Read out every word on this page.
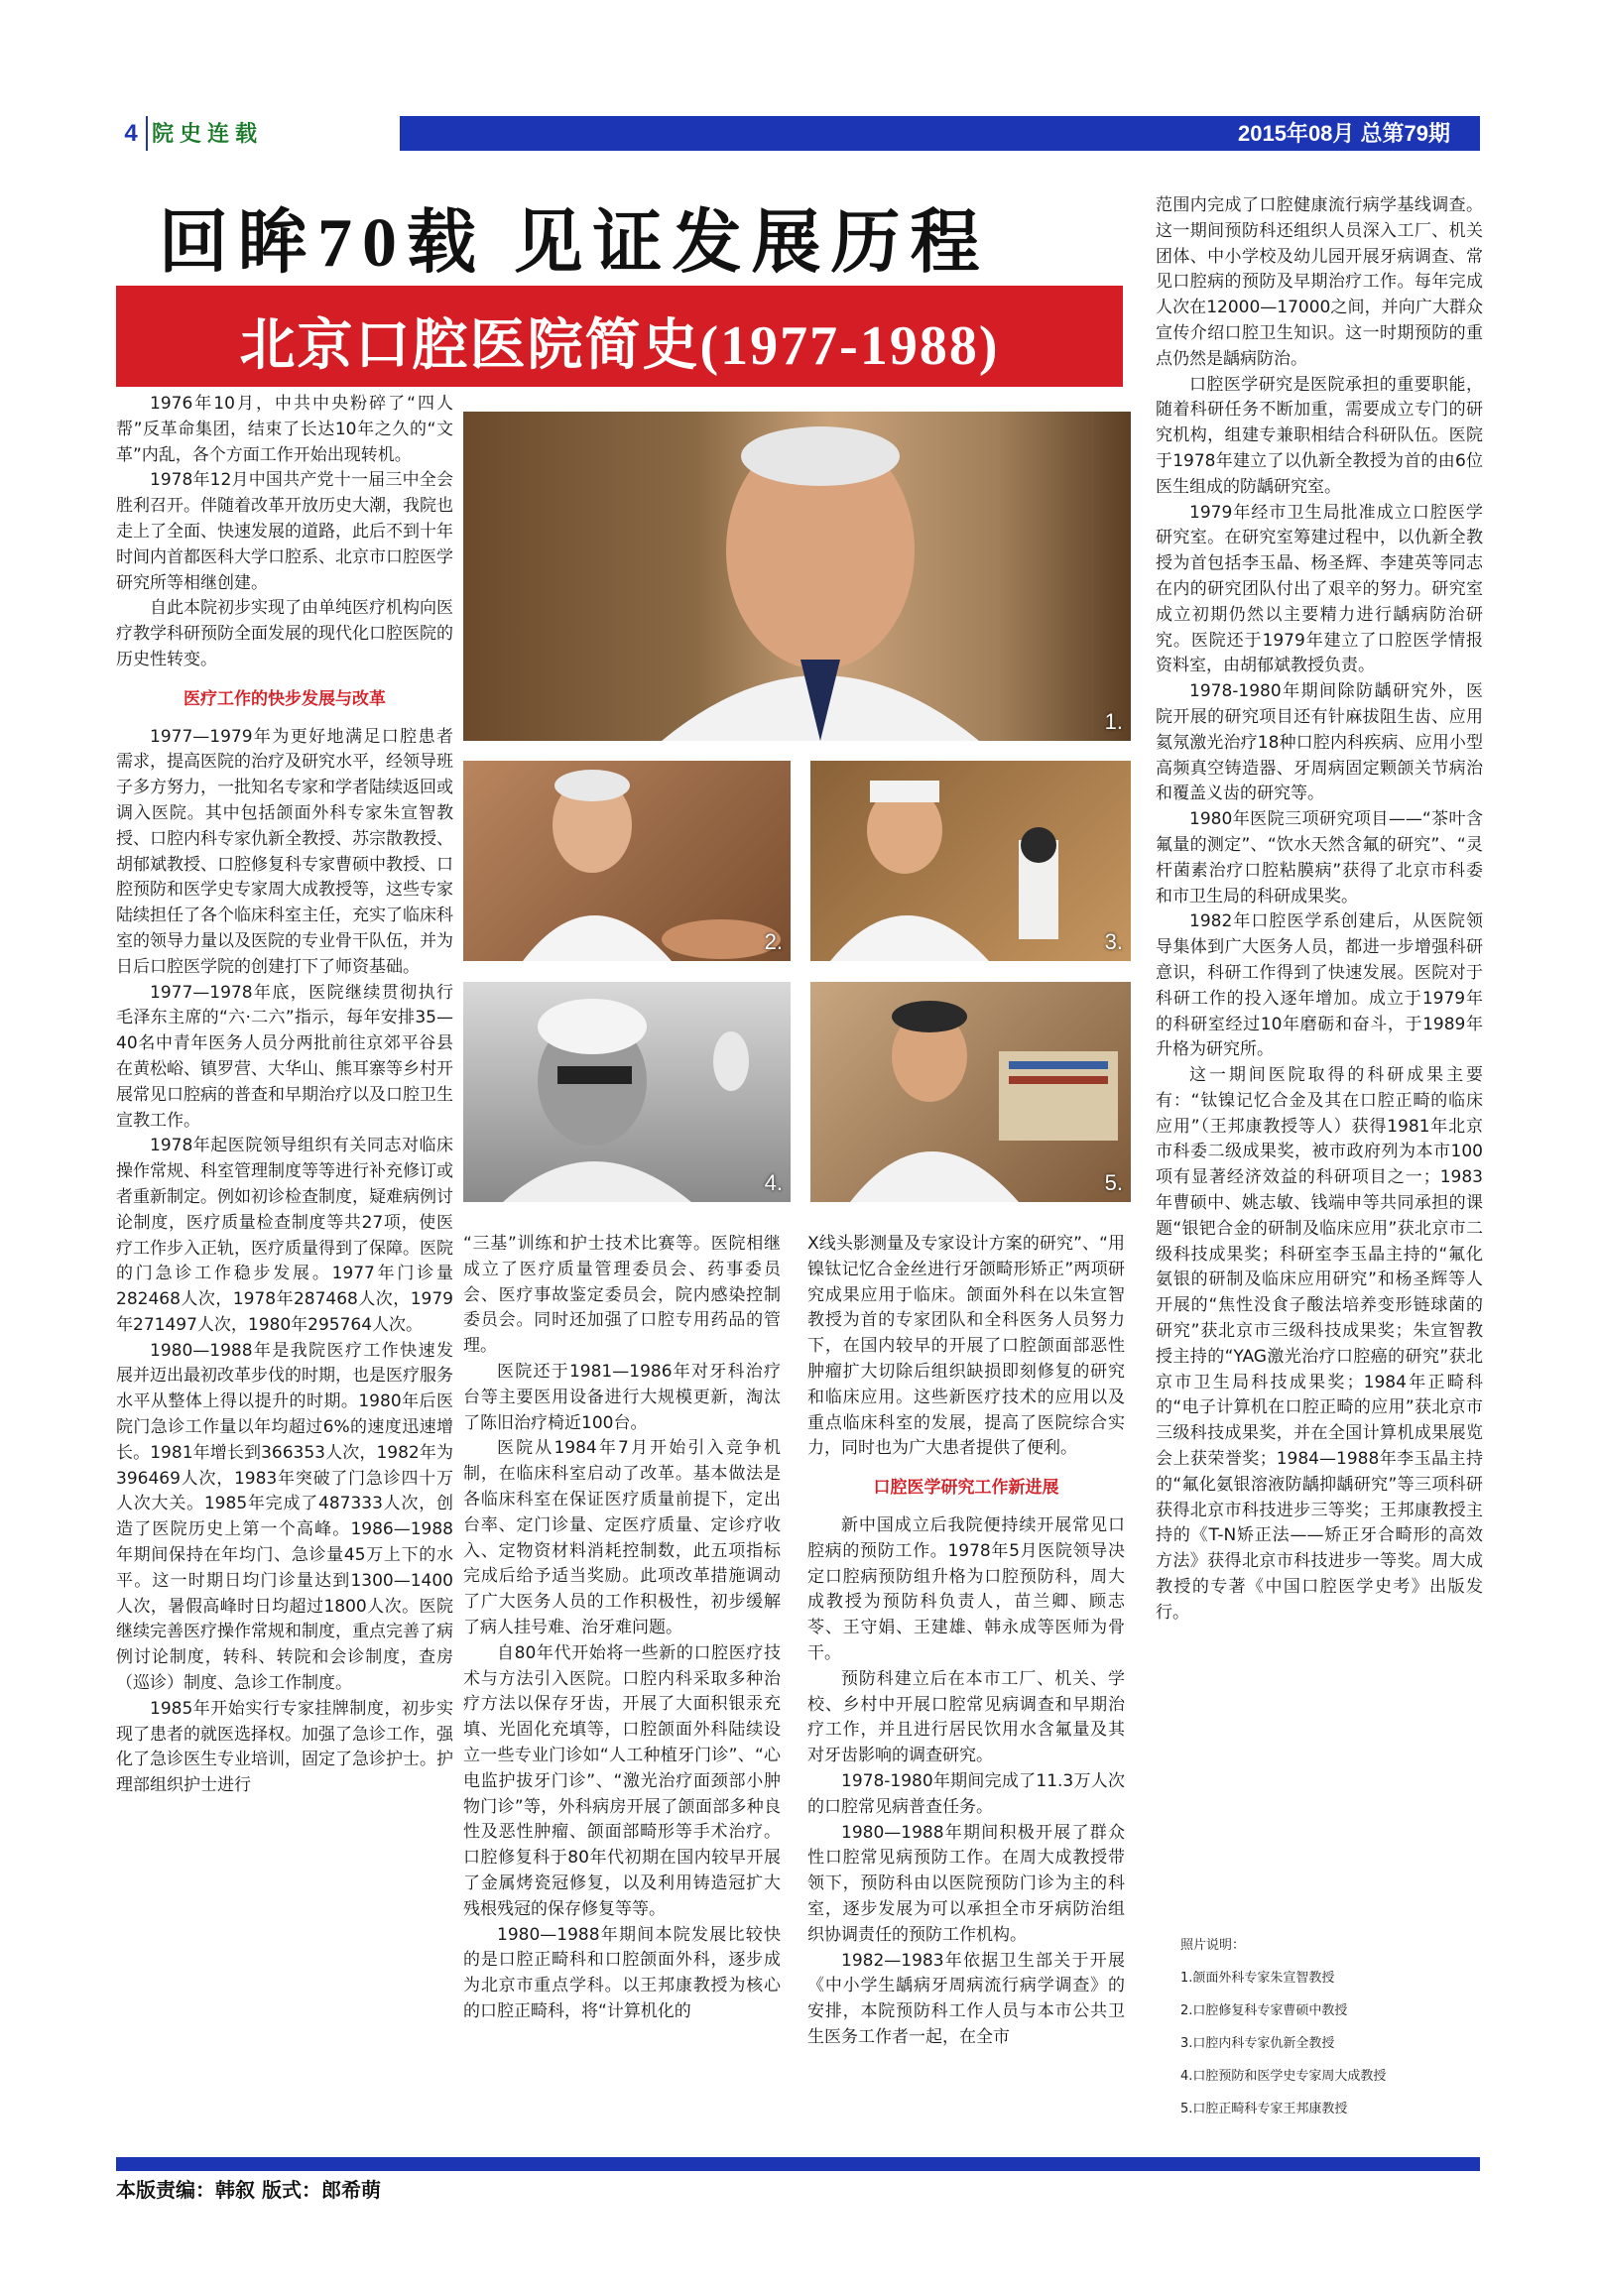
4 院史连载	2015年08月 总第79期
回眸70载 见证发展历程
北京口腔医院简史(1977-1988)

1976年10月，中共中央粉碎了“四人帮”反革命集团，结束了长达10年之久的“文革”内乱，各个方面工作开始出现转机。

1978年12月中国共产党十一届三中全会胜利召开。伴随着改革开放历史大潮，我院也走上了全面、快速发展的道路，此后不到十年时间内首都医科大学口腔系、北京市口腔医学研究所等相继创建。

自此本院初步实现了由单纯医疗机构向医疗教学科研预防全面发展的现代化口腔医院的历史性转变。

医疗工作的快步发展与改革

1977—1979年为更好地满足口腔患者需求，提高医院的治疗及研究水平，经领导班子多方努力，一批知名专家和学者陆续返回或调入医院。其中包括颌面外科专家朱宣智教授、口腔内科专家仇新全教授、苏宗散教授、胡郁斌教授、口腔修复科专家曹硕中教授、口腔预防和医学史专家周大成教授等，这些专家陆续担任了各个临床科室主任，充实了临床科室的领导力量以及医院的专业骨干队伍，并为日后口腔医学院的创建打下了师资基础。

1977—1978年底，医院继续贯彻执行毛泽东主席的“六·二六”指示，每年安排35—40名中青年医务人员分两批前往京郊平谷县在黄松峪、镇罗营、大华山、熊耳寨等乡村开展常见口腔病的普查和早期治疗以及口腔卫生宣教工作。

1978年起医院领导组织有关同志对临床操作常规、科室管理制度等等进行补充修订或者重新制定。例如初诊检查制度，疑难病例讨论制度，医疗质量检查制度等共27项，使医疗工作步入正轨，医疗质量得到了保障。医院的门急诊工作稳步发展。1977年门诊量282468人次，1978年287468人次，1979年271497人次，1980年295764人次。

1980—1988年是我院医疗工作快速发展并迈出最初改革步伐的时期，也是医疗服务水平从整体上得以提升的时期。1980年后医院门急诊工作量以年均超过6%的速度迅速增长。1981年增长到366353人次，1982年为396469人次，1983年突破了门急诊四十万人次大关。1985年完成了487333人次，创造了医院历史上第一个高峰。1986—1988年期间保持在年均门、急诊量45万上下的水平。这一时期日均门诊量达到1300—1400人次，暑假高峰时日均超过1800人次。医院继续完善医疗操作常规和制度，重点完善了病例讨论制度，转科、转院和会诊制度，查房（巡诊）制度、急诊工作制度。

1985年开始实行专家挂牌制度，初步实现了患者的就医选择权。加强了急诊工作，强化了急诊医生专业培训，固定了急诊护士。护理部组织护士进行

1.
2.	3.
4.	5.

“三基”训练和护士技术比赛等。医院相继成立了医疗质量管理委员会、药事委员会、医疗事故鉴定委员会，院内感染控制委员会。同时还加强了口腔专用药品的管理。

医院还于1981—1986年对牙科治疗台等主要医用设备进行大规模更新，淘汰了陈旧治疗椅近100台。

医院从1984年7月开始引入竞争机制，在临床科室启动了改革。基本做法是各临床科室在保证医疗质量前提下，定出台率、定门诊量、定医疗质量、定诊疗收入、定物资材料消耗控制数，此五项指标完成后给予适当奖励。此项改革措施调动了广大医务人员的工作积极性，初步缓解了病人挂号难、治牙难问题。

自80年代开始将一些新的口腔医疗技术与方法引入医院。口腔内科采取多种治疗方法以保存牙齿，开展了大面积银汞充填、光固化充填等，口腔颌面外科陆续设立一些专业门诊如“人工种植牙门诊”、“心电监护拔牙门诊”、“激光治疗面颈部小肿物门诊”等，外科病房开展了颌面部多种良性及恶性肿瘤、颌面部畸形等手术治疗。口腔修复科于80年代初期在国内较早开展了金属烤瓷冠修复，以及利用铸造冠扩大残根残冠的保存修复等等。

1980—1988年期间本院发展比较快的是口腔正畸科和口腔颌面外科，逐步成为北京市重点学科。以王邦康教授为核心的口腔正畸科，将“计算机化的

X线头影测量及专家设计方案的研究”、“用镍钛记忆合金丝进行牙颌畸形矫正”两项研究成果应用于临床。颌面外科在以朱宣智教授为首的专家团队和全科医务人员努力下，在国内较早的开展了口腔颌面部恶性肿瘤扩大切除后组织缺损即刻修复的研究和临床应用。这些新医疗技术的应用以及重点临床科室的发展，提高了医院综合实力，同时也为广大患者提供了便利。

口腔医学研究工作新进展

新中国成立后我院便持续开展常见口腔病的预防工作。1978年5月医院领导决定口腔病预防组升格为口腔预防科，周大成教授为预防科负责人，苗兰卿、顾志苓、王守娟、王建雄、韩永成等医师为骨干。

预防科建立后在本市工厂、机关、学校、乡村中开展口腔常见病调查和早期治疗工作，并且进行居民饮用水含氟量及其对牙齿影响的调查研究。

1978-1980年期间完成了11.3万人次的口腔常见病普查任务。

1980—1988年期间积极开展了群众性口腔常见病预防工作。在周大成教授带领下，预防科由以医院预防门诊为主的科室，逐步发展为可以承担全市牙病防治组织协调责任的预防工作机构。

1982—1983年依据卫生部关于开展《中小学生龋病牙周病流行病学调查》的安排，本院预防科工作人员与本市公共卫生医务工作者一起，在全市

范围内完成了口腔健康流行病学基线调查。这一期间预防科还组织人员深入工厂、机关团体、中小学校及幼儿园开展牙病调查、常见口腔病的预防及早期治疗工作。每年完成人次在12000—17000之间，并向广大群众宣传介绍口腔卫生知识。这一时期预防的重点仍然是龋病防治。

口腔医学研究是医院承担的重要职能，随着科研任务不断加重，需要成立专门的研究机构，组建专兼职相结合科研队伍。医院于1978年建立了以仇新全教授为首的由6位医生组成的防龋研究室。

1979年经市卫生局批准成立口腔医学研究室。在研究室筹建过程中，以仇新全教授为首包括李玉晶、杨圣辉、李建英等同志在内的研究团队付出了艰辛的努力。研究室成立初期仍然以主要精力进行龋病防治研究。医院还于1979年建立了口腔医学情报资料室，由胡郁斌教授负责。

1978-1980年期间除防龋研究外，医院开展的研究项目还有针麻拔阻生齿、应用氦氖激光治疗18种口腔内科疾病、应用小型高频真空铸造器、牙周病固定颗颌关节病治和覆盖义齿的研究等。

1980年医院三项研究项目——“茶叶含氟量的测定”、“饮水天然含氟的研究”、“灵杆菌素治疗口腔粘膜病”获得了北京市科委和市卫生局的科研成果奖。

1982年口腔医学系创建后，从医院领导集体到广大医务人员，都进一步增强科研意识，科研工作得到了快速发展。医院对于科研工作的投入逐年增加。成立于1979年的科研室经过10年磨砺和奋斗，于1989年升格为研究所。

这一期间医院取得的科研成果主要有：“钛镍记忆合金及其在口腔正畸的临床应用”（王邦康教授等人）获得1981年北京市科委二级成果奖，被市政府列为本市100项有显著经济效益的科研项目之一；1983年曹硕中、姚志敏、钱端申等共同承担的课题“银钯合金的研制及临床应用”获北京市二级科技成果奖；科研室李玉晶主持的“氟化氨银的研制及临床应用研究”和杨圣辉等人开展的“焦性没食子酸法培养变形链球菌的研究”获北京市三级科技成果奖；朱宣智教授主持的“YAG激光治疗口腔癌的研究”获北京市卫生局科技成果奖；1984年正畸科的“电子计算机在口腔正畸的应用”获北京市三级科技成果奖，并在全国计算机成果展览会上获荣誉奖；1984—1988年李玉晶主持的“氟化氨银溶液防龋抑龋研究”等三项科研获得北京市科技进步三等奖；王邦康教授主持的《T-N矫正法——矫正牙合畸形的高效方法》获得北京市科技进步一等奖。周大成教授的专著《中国口腔医学史考》出版发行。

照片说明：
1.颌面外科专家朱宣智教授
2.口腔修复科专家曹硕中教授
3.口腔内科专家仇新全教授
4.口腔预防和医学史专家周大成教授
5.口腔正畸科专家王邦康教授
本版责编：韩叙 版式：郎希萌
